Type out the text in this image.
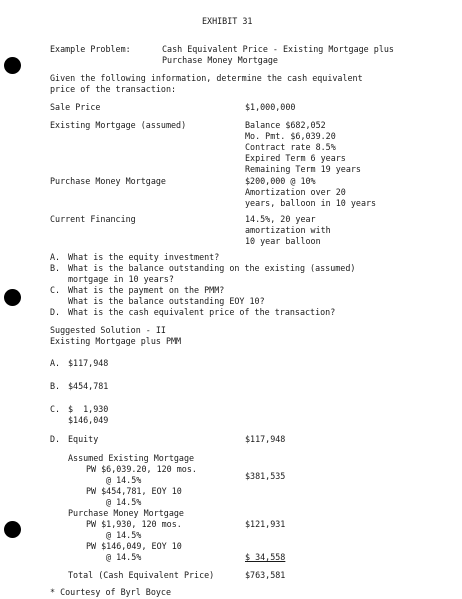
EXHIBIT 31
Example Problem:	Cash Equivalent Price - Existing Mortgage plus
Purchase Money Mortgage
Given the following information, determine the cash equivalent
price of the transaction:
Sale Price	$1,000,000
Existing Mortgage (assumed)	Balance $682,052
Mo. Pmt. $6,039.20
Contract rate 8.5%
Expired Term 6 years
Remaining Term 19 years
Purchase Money Mortgage	$200,000 @ 10%
Amortization over 20
years, balloon in 10 years
Current Financing	14.5%, 20 year
amortization with
10 year balloon
A. What is the equity investment?
B. What is the balance outstanding on the existing (assumed)
mortgage in 10 years?
C. What is the payment on the PMM?
What is the balance outstanding EOY 10?
D. What is the cash equivalent price of the transaction?
Suggested Solution - II
Existing Mortgage plus PMM
A. $117,948
B. $454,781
C. $  1,930
$146,049
D. Equity	$117,948
Assumed Existing Mortgage
PW $6,039.20, 120 mos.
@ 14.5%	$381,535
PW $454,781, EOY 10
@ 14.5%
Purchase Money Mortgage
PW $1,930, 120 mos.	$121,931
@ 14.5%
PW $146,049, EOY 10
@ 14.5%	$ 34,558
Total (Cash Equivalent Price)	$763,581
* Courtesy of Byrl Boyce
